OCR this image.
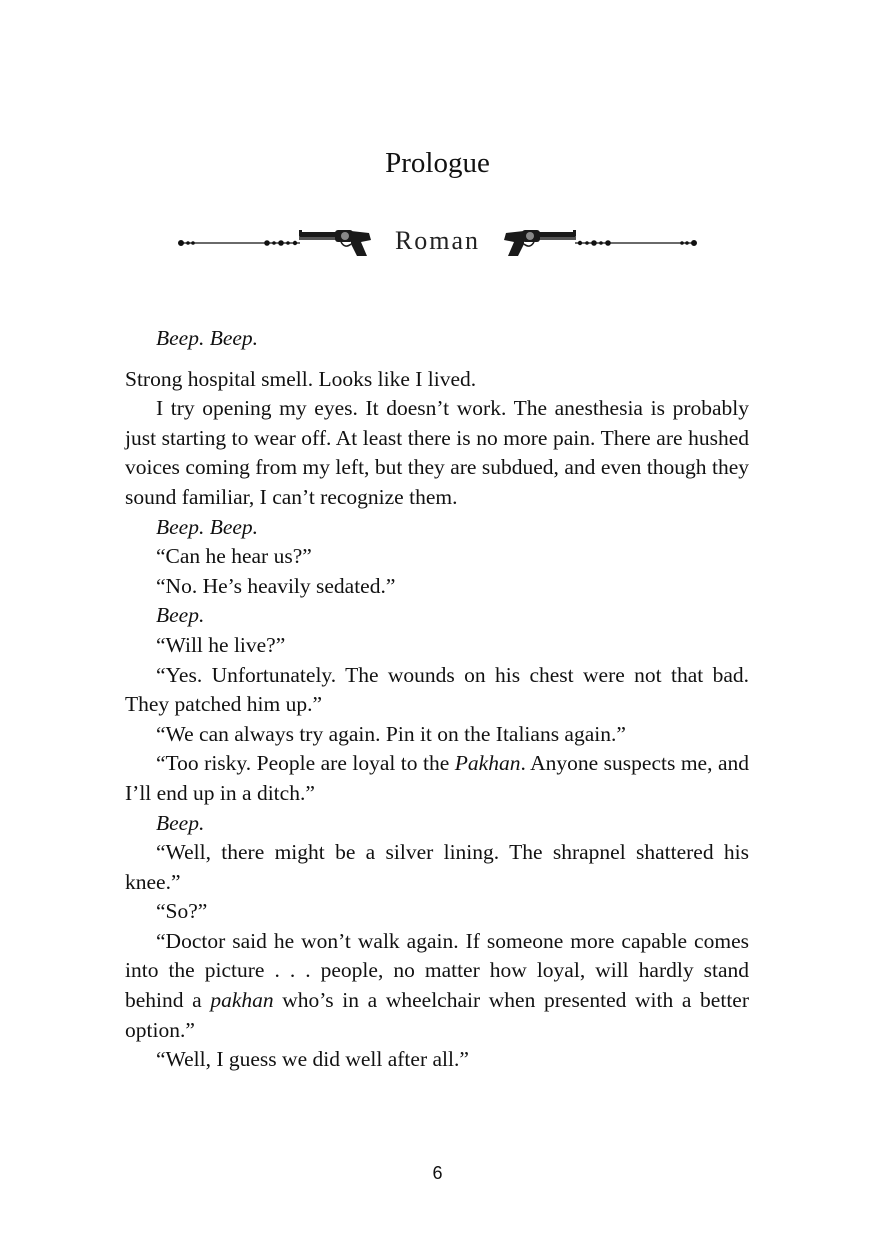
Prologue
Roman

Beep. Beep.

Strong hospital smell. Looks like I lived.

I try opening my eyes. It doesn’t work. The anesthesia is probably just starting to wear off. At least there is no more pain. There are hushed voices coming from my left, but they are subdued, and even though they sound familiar, I can’t recognize them.

Beep. Beep.

“Can he hear us?”

“No. He’s heavily sedated.”

Beep.

“Will he live?”

“Yes. Unfortunately. The wounds on his chest were not that bad. They patched him up.”

“We can always try again. Pin it on the Italians again.”

“Too risky. People are loyal to the Pakhan. Anyone suspects me, and I’ll end up in a ditch.”

Beep.

“Well, there might be a silver lining. The shrapnel shattered his knee.”

“So?”

“Doctor said he won’t walk again. If someone more capable comes into the picture . . . people, no matter how loyal, will hardly stand behind a pakhan who’s in a wheelchair when presented with a better option.”

“Well, I guess we did well after all.”

6
